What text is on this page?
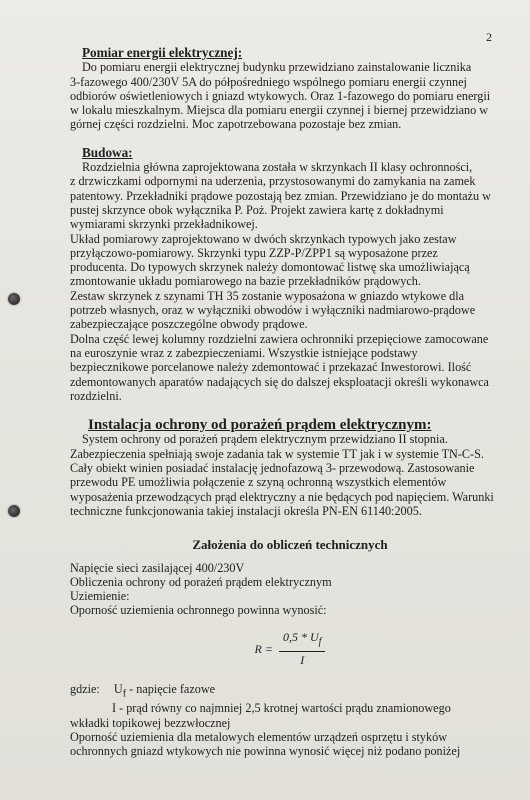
2

Pomiar energii elektrycznej:

Do pomiaru energii elektrycznej budynku przewidziano zainstalowanie licznika
3-fazowego 400/230V 5A do półpośredniego wspólnego pomiaru energii czynnej
odbiorów oświetleniowych i gniazd wtykowych. Oraz 1-fazowego do pomiaru energii
w lokalu mieszkalnym. Miejsca dla pomiaru energii czynnej i biernej przewidziano w
górnej części rozdzielni. Moc zapotrzebowana pozostaje bez zmian.

Budowa:

Rozdzielnia główna zaprojektowana została w skrzynkach II klasy ochronności,
z drzwiczkami odpornymi na uderzenia, przystosowanymi do zamykania na zamek
patentowy. Przekładniki prądowe pozostają bez zmian. Przewidziano je do montażu w
pustej skrzynce obok wyłącznika P. Poż. Projekt zawiera kartę z dokładnymi
wymiarami skrzynki przekładnikowej.
Układ pomiarowy zaprojektowano w dwóch skrzynkach typowych jako zestaw
przyłączowo-pomiarowy. Skrzynki typu ZZP-P/ZPP1 są wyposażone przez
producenta. Do typowych skrzynek należy domontować listwę ska umożliwiającą
zmontowanie układu pomiarowego na bazie przekładników prądowych.
Zestaw skrzynek z szynami TH 35 zostanie wyposażona w gniazdo wtykowe dla
potrzeb własnych, oraz w wyłączniki obwodów i wyłączniki nadmiarowo-prądowe
zabezpieczające poszczególne obwody prądowe.
Dolna część lewej kolumny rozdzielni zawiera ochronniki przepięciowe zamocowane
na euroszynie wraz z zabezpieczeniami. Wszystkie istniejące podstawy
bezpiecznikowe porcelanowe należy zdemontować i przekazać Inwestorowi. Ilość
zdemontowanych aparatów nadających się do dalszej eksploatacji określi wykonawca
rozdzielni.

Instalacja ochrony od porażeń prądem elektrycznym:

System ochrony od porażeń prądem elektrycznym przewidziano II stopnia.
Zabezpieczenia spełniają swoje zadania tak w systemie TT jak i w systemie TN-C-S.
Cały obiekt winien posiadać instalację jednofazową 3- przewodową. Zastosowanie
przewodu PE umożliwia połączenie z szyną ochronną wszystkich elementów
wyposażenia przewodzących prąd elektryczny a nie będących pod napięciem. Warunki
techniczne funkcjonowania takiej instalacji określa PN-EN 61140:2005.

Założenia do obliczeń technicznych

Napięcie sieci zasilającej 400/230V
Obliczenia ochrony od porażeń prądem elektrycznym
Uziemienie:
Oporność uziemienia ochronnego powinna wynosić:
$R = \frac{0,5 * U_f}{I}$
gdzie: $U_f$ - napięcie fazowe
I - prąd równy co najmniej 2,5 krotnej wartości prądu znamionowego
wkładki topikowej bezzwłocznej
Oporność uziemienia dla metalowych elementów urządzeń osprzętu i styków
ochronnych gniazd wtykowych nie powinna wynosić więcej niż podano poniżej
